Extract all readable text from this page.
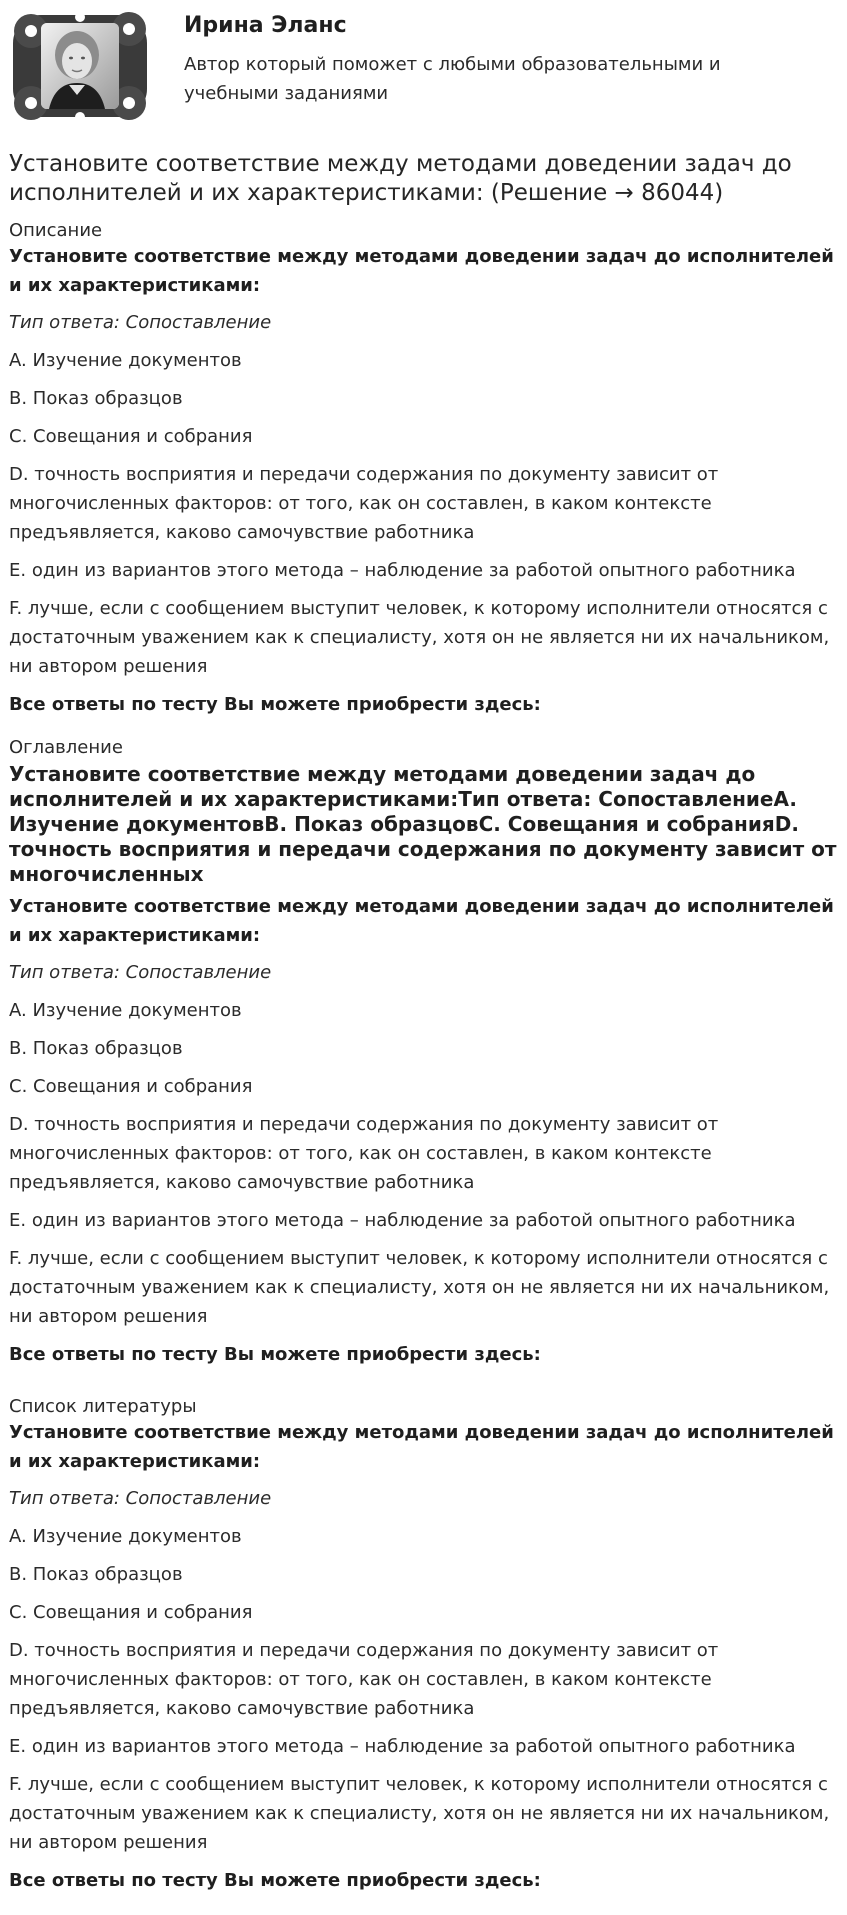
Ирина Эланс
Автор который поможет с любыми образовательными и учебными заданиями
Установите соответствие между методами доведении задач до исполнителей и их характеристиками: (Решение → 86044)
Описание
Установите соответствие между методами доведении задач до исполнителей и их характеристиками:
Тип ответа: Сопоставление
A. Изучение документов
B. Показ образцов
C. Совещания и собрания
D. точность восприятия и передачи содержания по документу зависит от многочисленных факторов: от того, как он составлен, в каком контексте предъявляется, каково самочувствие работника
E. один из вариантов этого метода – наблюдение за работой опытного работника
F. лучше, если с сообщением выступит человек, к которому исполнители относятся с достаточным уважением как к специалисту, хотя он не является ни их начальником, ни автором решения
Все ответы по тесту Вы можете приобрести здесь:
Оглавление
Установите соответствие между методами доведении задач до исполнителей и их характеристиками:Тип ответа: СопоставлениеA. Изучение документовB. Показ образцовC. Совещания и собранияD. точность восприятия и передачи содержания по документу зависит от многочисленных
Установите соответствие между методами доведении задач до исполнителей и их характеристиками:
Тип ответа: Сопоставление
A. Изучение документов
B. Показ образцов
C. Совещания и собрания
D. точность восприятия и передачи содержания по документу зависит от многочисленных факторов: от того, как он составлен, в каком контексте предъявляется, каково самочувствие работника
E. один из вариантов этого метода – наблюдение за работой опытного работника
F. лучше, если с сообщением выступит человек, к которому исполнители относятся с достаточным уважением как к специалисту, хотя он не является ни их начальником, ни автором решения
Все ответы по тесту Вы можете приобрести здесь:
Список литературы
Установите соответствие между методами доведении задач до исполнителей и их характеристиками:
Тип ответа: Сопоставление
A. Изучение документов
B. Показ образцов
C. Совещания и собрания
D. точность восприятия и передачи содержания по документу зависит от многочисленных факторов: от того, как он составлен, в каком контексте предъявляется, каково самочувствие работника
E. один из вариантов этого метода – наблюдение за работой опытного работника
F. лучше, если с сообщением выступит человек, к которому исполнители относятся с достаточным уважением как к специалисту, хотя он не является ни их начальником, ни автором решения
Все ответы по тесту Вы можете приобрести здесь:
